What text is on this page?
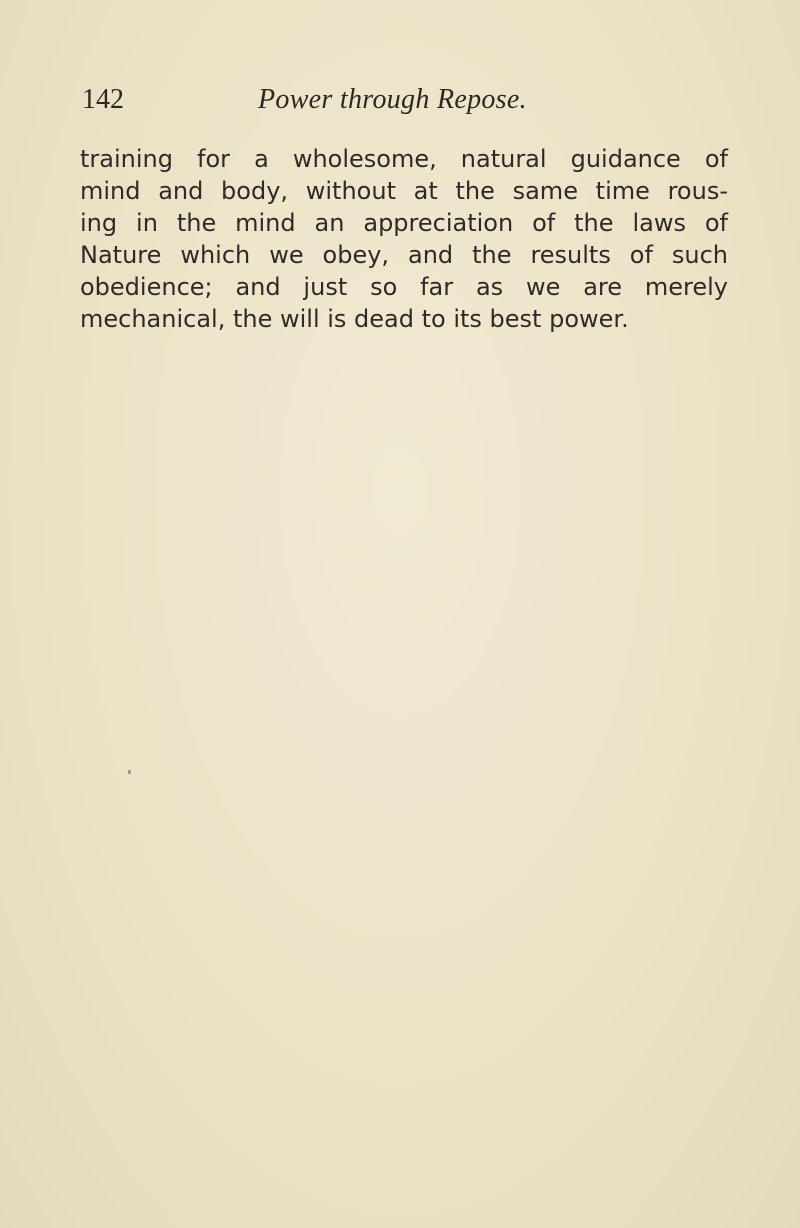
142	Power through Repose.
training for a wholesome, natural guidance of
mind and body, without at the same time rous-
ing in the mind an appreciation of the laws of
Nature which we obey, and the results of such
obedience; and just so far as we are merely
mechanical, the will is dead to its best power.
